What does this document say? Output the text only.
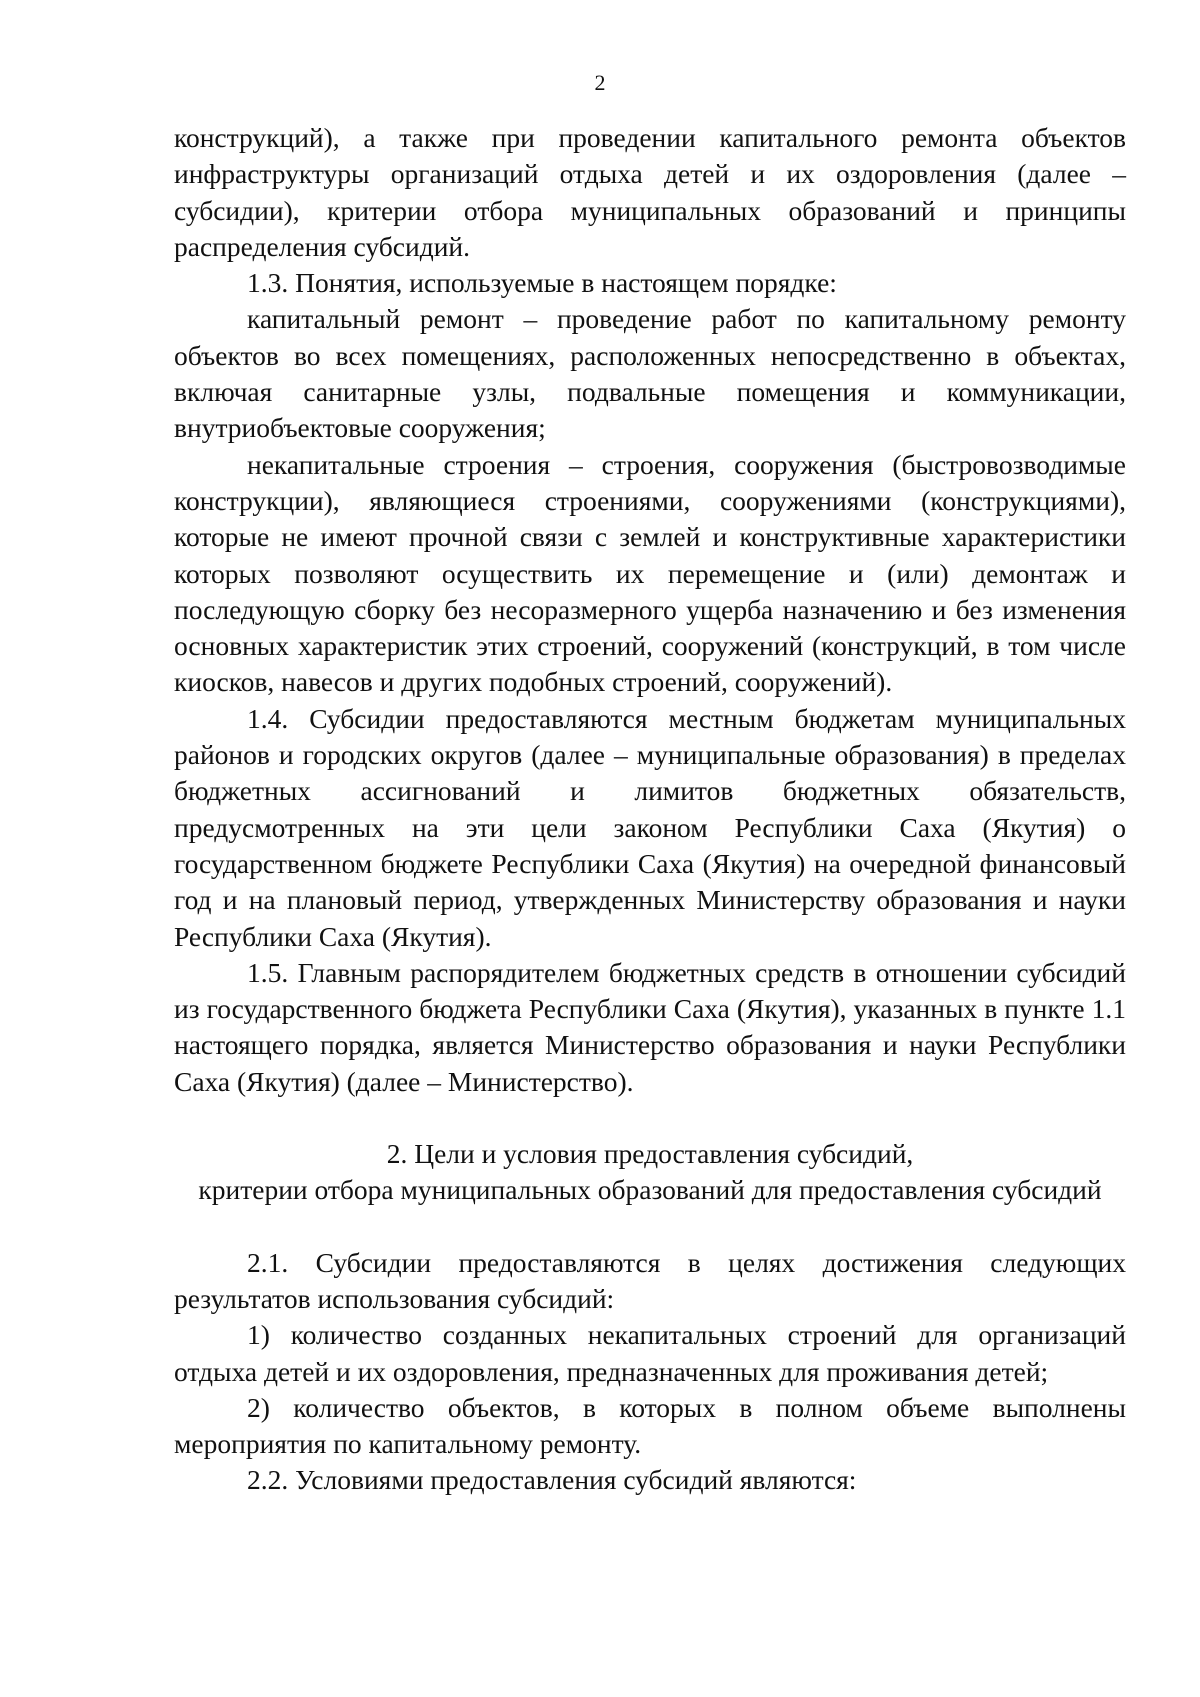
2

конструкций), а также при проведении капитального ремонта объектов инфраструктуры организаций отдыха детей и их оздоровления (далее – субсидии), критерии отбора муниципальных образований и принципы распределения субсидий.

1.3. Понятия, используемые в настоящем порядке:

капитальный ремонт – проведение работ по капитальному ремонту объектов во всех помещениях, расположенных непосредственно в объектах, включая санитарные узлы, подвальные помещения и коммуникации, внутриобъектовые сооружения;

некапитальные строения – строения, сооружения (быстровозводимые конструкции), являющиеся строениями, сооружениями (конструкциями), которые не имеют прочной связи с землей и конструктивные характеристики которых позволяют осуществить их перемещение и (или) демонтаж и последующую сборку без несоразмерного ущерба назначению и без изменения основных характеристик этих строений, сооружений (конструкций, в том числе киосков, навесов и других подобных строений, сооружений).

1.4. Субсидии предоставляются местным бюджетам муниципальных районов и городских округов (далее – муниципальные образования) в пределах бюджетных ассигнований и лимитов бюджетных обязательств, предусмотренных на эти цели законом Республики Саха (Якутия) о государственном бюджете Республики Саха (Якутия) на очередной финансовый год и на плановый период, утвержденных Министерству образования и науки Республики Саха (Якутия).

1.5. Главным распорядителем бюджетных средств в отношении субсидий из государственного бюджета Республики Саха (Якутия), указанных в пункте 1.1 настоящего порядка, является Министерство образования и науки Республики Саха (Якутия) (далее – Министерство).

2. Цели и условия предоставления субсидий,
критерии отбора муниципальных образований для предоставления субсидий

2.1. Субсидии предоставляются в целях достижения следующих результатов использования субсидий:

1) количество созданных некапитальных строений для организаций отдыха детей и их оздоровления, предназначенных для проживания детей;

2) количество объектов, в которых в полном объеме выполнены мероприятия по капитальному ремонту.

2.2. Условиями предоставления субсидий являются:
